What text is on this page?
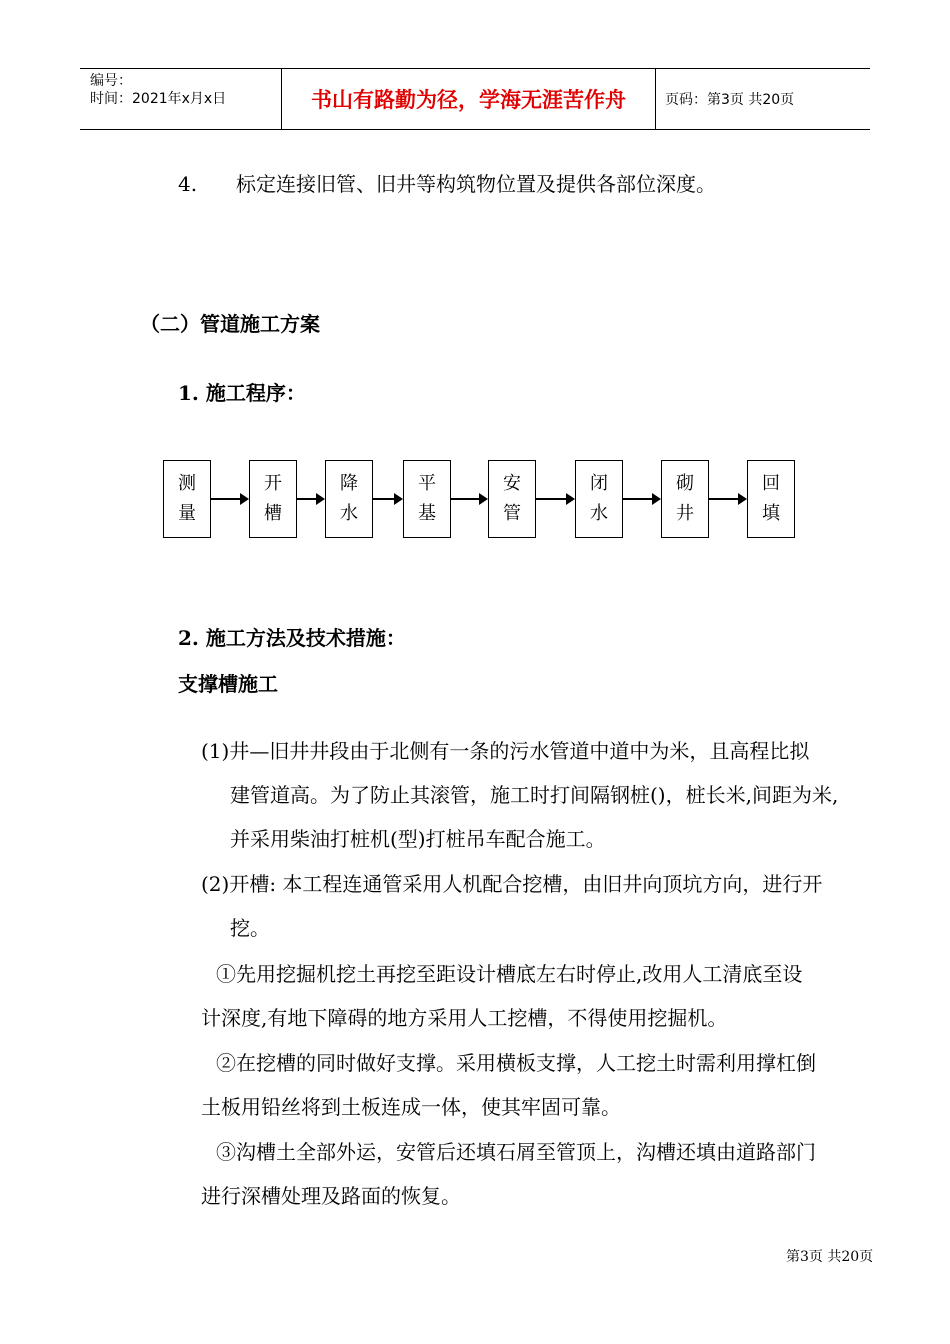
编号：
时间：2021年x月x日	书山有路勤为径，学海无涯苦作舟	页码：第3页 共20页

4. 标定连接旧管、旧井等构筑物位置及提供各部位深度。

（二）管道施工方案

1. 施工程序：

测
量
开
槽
降
水
平
基
安
管
闭
水
砌
井
回
填

2. 施工方法及技术措施：

支撑槽施工

(1)井—旧井井段由于北侧有一条的污水管道中道中为米，且高程比拟

建管道高。为了防止其滚管，施工时打间隔钢桩()，桩长米,间距为米,

并采用柴油打桩机(型)打桩吊车配合施工。

(2)开槽: 本工程连通管采用人机配合挖槽，由旧井向顶坑方向，进行开

挖。

①先用挖掘机挖土再挖至距设计槽底左右时停止,改用人工清底至设

计深度,有地下障碍的地方采用人工挖槽，不得使用挖掘机。

②在挖槽的同时做好支撑。采用横板支撑，人工挖土时需利用撑杠倒

土板用铅丝将到土板连成一体，使其牢固可靠。

③沟槽土全部外运，安管后还填石屑至管顶上，沟槽还填由道路部门

进行深槽处理及路面的恢复。

第3页 共20页
